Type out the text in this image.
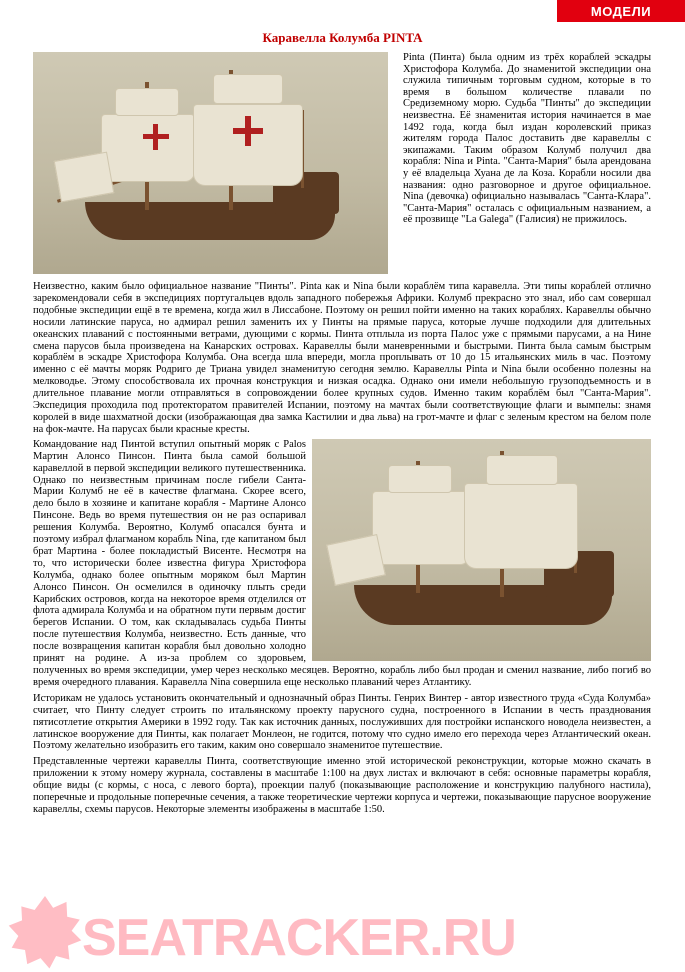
МОДЕЛИ
Каравелла Колумба PINTA
Pinta (Пинта) была одним из трёх кораблей эскадры Христофора Колумба. До знаменитой экспедиции она служила типичным торговым судном, которые в то время в большом количестве плавали по Средиземному морю. Судьба "Пинты" до экспедиции неизвестна. Её знаменитая история начинается в мае 1492 года, когда был издан королевский приказ жителям города Палос доставить две каравеллы с экипажами. Таким образом Колумб получил два корабля: Nina и Pinta. "Санта-Мария" была арендована у её владельца Хуана де ла Коза. Корабли носили два названия: одно разговорное и другое официальное. Nina (девочка) официально называлась "Санта-Клара". "Санта-Мария" осталась с официальным названием, а её прозвище "La Galega" (Галисия) не прижилось.

Неизвестно, каким было официальное название "Пинты". Pinta как и Nina были кораблём типа каравелла. Эти типы кораблей отлично зарекомендовали себя в экспедициях португальцев вдоль западного побережья Африки. Колумб прекрасно это знал, ибо сам совершал подобные экспедиции ещё в те времена, когда жил в Лиссабоне. Поэтому он решил пойти именно на таких кораблях. Каравеллы обычно носили латинские паруса, но адмирал решил заменить их у Пинты на прямые паруса, которые лучше подходили для длительных океанских плаваний с постоянными ветрами, дующими с кормы. Пинта отплыла из порта Палос уже с прямыми парусами, а на Нине смена парусов была произведена на Канарских островах. Каравеллы были маневренными и быстрыми. Пинта была самым быстрым кораблём в эскадре Христофора Колумба. Она всегда шла впереди, могла проплывать от 10 до 15 итальянских миль в час. Поэтому именно с её мачты моряк Родриго де Триана увидел знаменитую сегодня землю. Каравеллы Pinta и Nina были особенно полезны на мелководье. Этому способствовала их прочная конструкция и низкая осадка. Однако они имели небольшую грузоподъемность и в длительное плавание могли отправляться в сопровождении более крупных судов. Именно таким кораблём был "Санта-Мария". Экспедиция проходила под протекторатом правителей Испании, поэтому на мачтах были соответствующие флаги и вымпелы: знамя королей в виде шахматной доски (изображающая два замка Кастилии и два льва) на грот-мачте и флаг с зеленым крестом на белом поле на фок-мачте. На парусах были красные кресты.

Командование над Пинтой вступил опытный моряк с Palos Мартин Алонсо Пинсон. Пинта была самой большой каравеллой в первой экспедиции великого путешественника. Однако по неизвестным причинам после гибели Санта-Марии Колумб не её в качестве флагмана. Скорее всего, дело было в хозяине и капитане корабля - Мартине Алонсо Пинсоне. Ведь во время путешествия он не раз оспаривал решения Колумба. Вероятно, Колумб опасался бунта и поэтому избрал флагманом корабль Nina, где капитаном был брат Мартина - более покладистый Висенте. Несмотря на то, что исторически более известна фигура Христофора Колумба, однако более опытным моряком был Мартин Алонсо Пинсон. Он осмелился в одиночку плыть среди Карибских островов, когда на некоторое время отделился от флота адмирала Колумба и на обратном пути первым достиг берегов Испании. О том, как складывалась судьба Пинты после путешествия Колумба, неизвестно. Есть данные, что после возвращения капитан корабля был довольно холодно принят на родине. А из-за проблем со здоровьем, полученных во время экспедиции, умер через несколько месяцев. Вероятно, корабль либо был продан и сменил название, либо погиб во время очередного плавания. Каравелла Nina совершила еще несколько плаваний через Атлантику.

Историкам не удалось установить окончательный и однозначный образ Пинты. Генрих Винтер - автор известного труда «Суда Колумба» считает, что Пинту следует строить по итальянскому проекту парусного судна, построенного в Испании в честь празднования пятисотлетие открытия Америки в 1992 году. Так как источник данных, послуживших для постройки испанского новодела неизвестен, а латинское вооружение для Пинты, как полагает Монлеон, не годится, потому что судно имело его перехода через Атлантический океан. Поэтому желательно изобразить его таким, каким оно совершало знаменитое путешествие.

Представленные чертежи каравеллы Пинта, соответствующие именно этой исторической реконструкции, которые можно скачать в приложении к этому номеру журнала, составлены в масштабе 1:100 на двух листах и включают в себя: основные параметры корабля, общие виды (с кормы, с носа, с левого борта), проекции палуб (показывающие расположение и конструкцию палубного настила), поперечные и продольные поперечные сечения, а также теоретические чертежи корпуса и чертежи, показывающие парусное вооружение каравеллы, схемы парусов. Некоторые элементы изображены в масштабе 1:50.

SEATRACKER.RU
